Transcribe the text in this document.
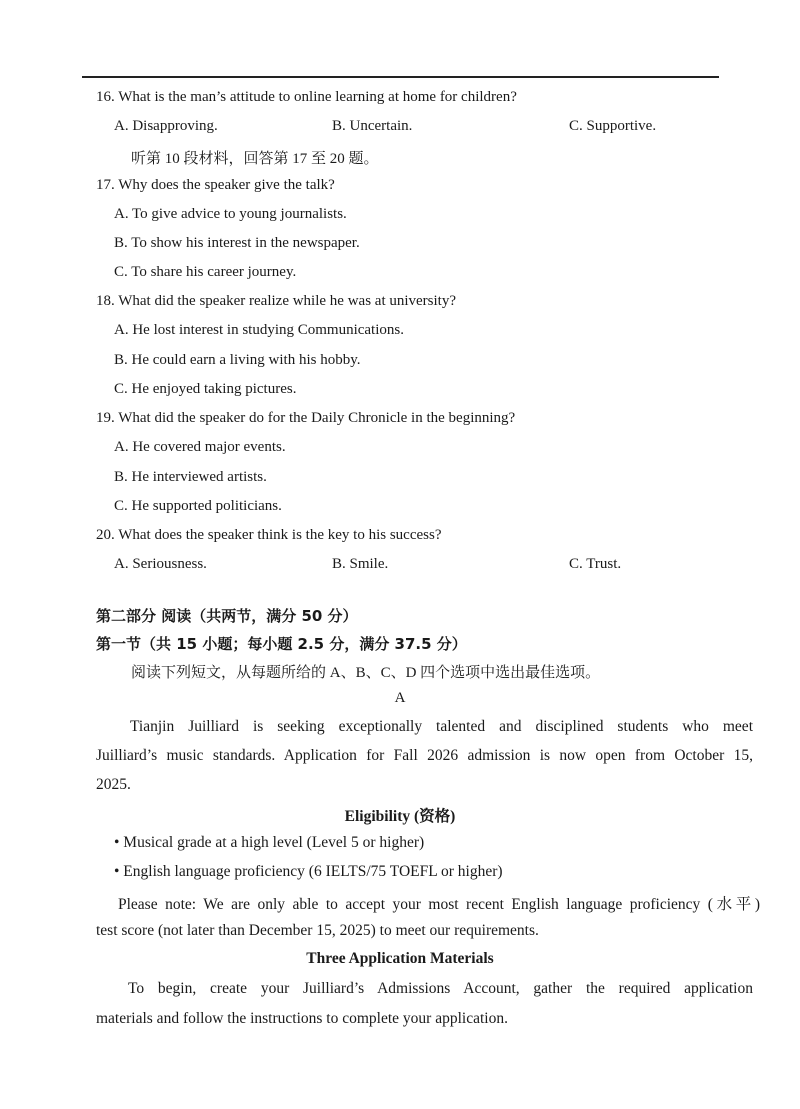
16. What is the man’s attitude to online learning at home for children?
A. Disapproving.	B. Uncertain.	C. Supportive.
听第 10 段材料，回答第 17 至 20 题。
17. Why does the speaker give the talk?
A. To give advice to young journalists.
B. To show his interest in the newspaper.
C. To share his career journey.
18. What did the speaker realize while he was at university?
A. He lost interest in studying Communications.
B. He could earn a living with his hobby.
C. He enjoyed taking pictures.
19. What did the speaker do for the Daily Chronicle in the beginning?
A. He covered major events.
B. He interviewed artists.
C. He supported politicians.
20. What does the speaker think is the key to his success?
A. Seriousness.	B. Smile.	C. Trust.
第二部分 阅读（共两节，满分 50 分）
第一节（共 15 小题；每小题 2.5 分，满分 37.5 分）
阅读下列短文，从每题所给的 A、B、C、D 四个选项中选出最佳选项。
A
Tianjin Juilliard is seeking exceptionally talented and disciplined students who meet
Juilliard’s music standards. Application for Fall 2026 admission is now open from October 15,
2025.
Eligibility (资格)
• Musical grade at a high level (Level 5 or higher)
• English language proficiency (6 IELTS/75 TOEFL or higher)
Please note: We are only able to accept your most recent English language proficiency (水平)
test score (not later than December 15, 2025) to meet our requirements.
Three Application Materials
To begin, create your Juilliard’s Admissions Account, gather the required application
materials and follow the instructions to complete your application.
